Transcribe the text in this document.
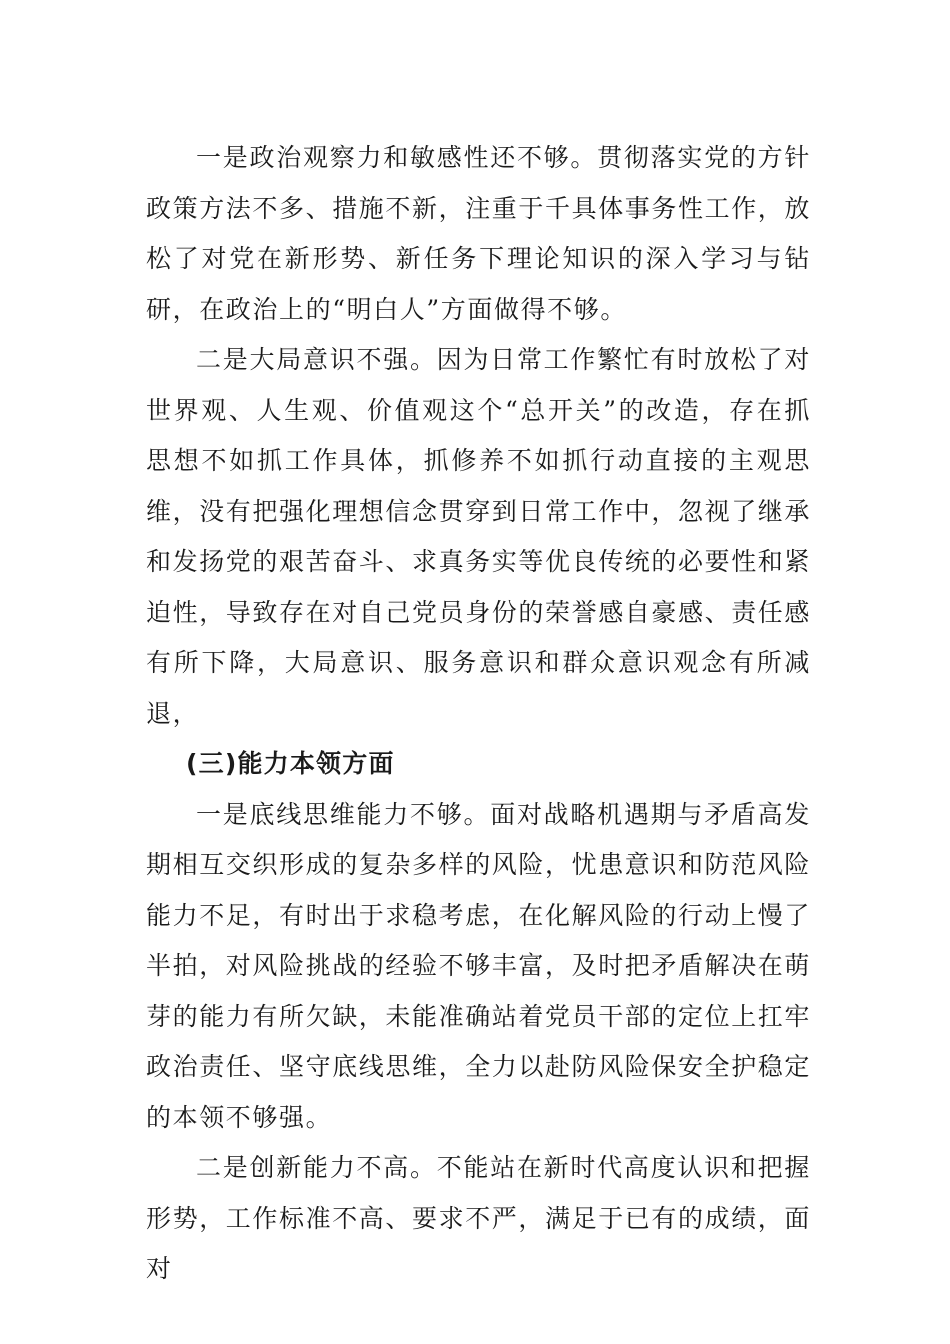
一是政治观察力和敏感性还不够。贯彻落实党的方针政策方法不多、措施不新，注重于千具体事务性工作，放松了对党在新形势、新任务下理论知识的深入学习与钻研，在政治上的“明白人”方面做得不够。

二是大局意识不强。因为日常工作繁忙有时放松了对世界观、人生观、价值观这个“总开关”的改造，存在抓思想不如抓工作具体，抓修养不如抓行动直接的主观思维，没有把强化理想信念贯穿到日常工作中，忽视了继承和发扬党的艰苦奋斗、求真务实等优良传统的必要性和紧迫性，导致存在对自己党员身份的荣誉感自豪感、责任感有所下降，大局意识、服务意识和群众意识观念有所减退，

(三)能力本领方面

一是底线思维能力不够。面对战略机遇期与矛盾高发期相互交织形成的复杂多样的风险，忧患意识和防范风险能力不足，有时出于求稳考虑，在化解风险的行动上慢了半拍，对风险挑战的经验不够丰富，及时把矛盾解决在萌芽的能力有所欠缺，未能准确站着党员干部的定位上扛牢政治责任、坚守底线思维，全力以赴防风险保安全护稳定的本领不够强。

二是创新能力不高。不能站在新时代高度认识和把握形势，工作标准不高、要求不严，满足于已有的成绩，面对
